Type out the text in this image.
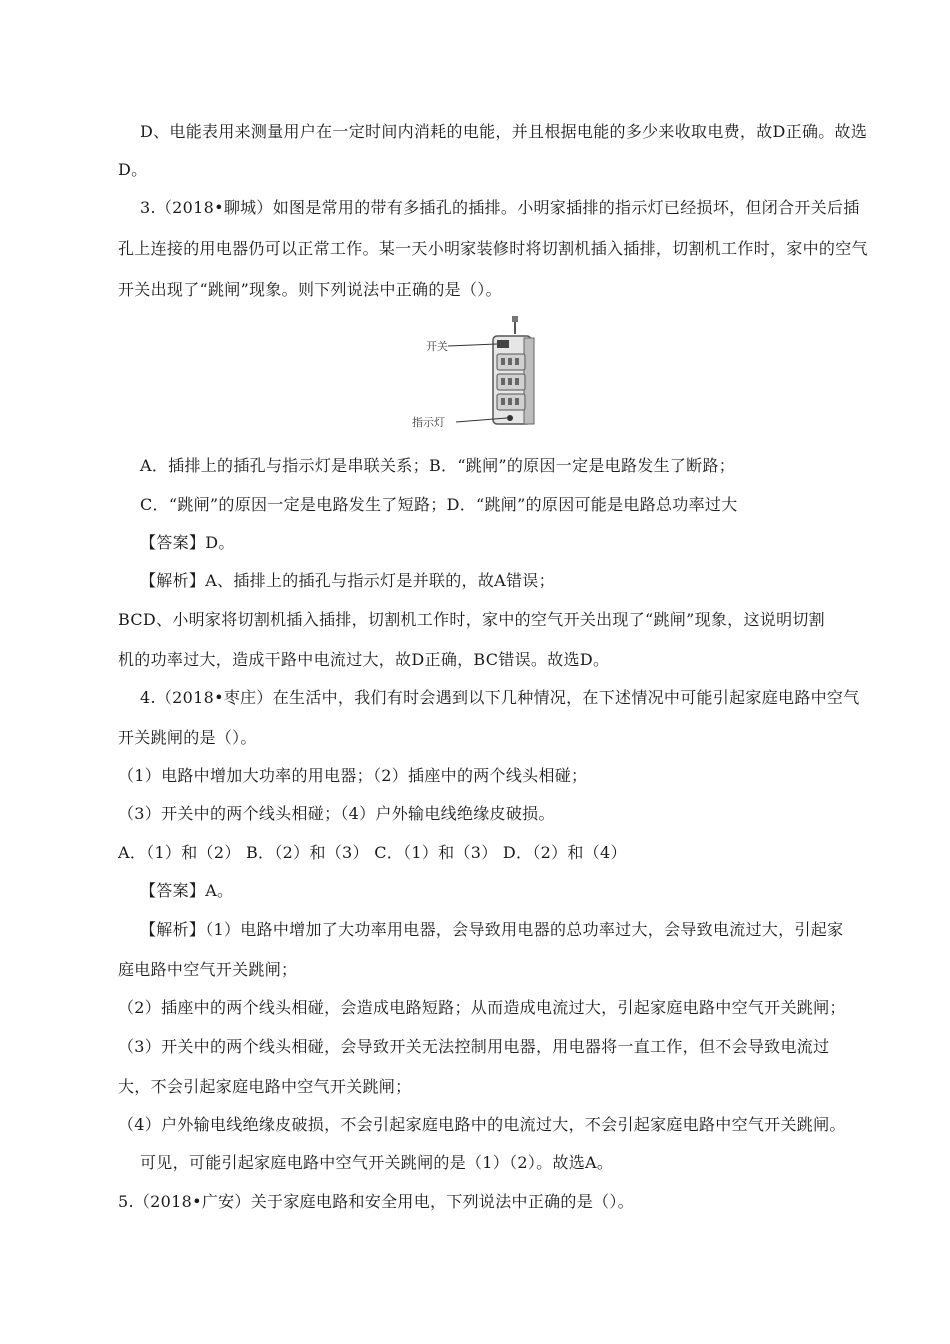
D、电能表用来测量用户在一定时间内消耗的电能，并且根据电能的多少来收取电费，故D正确。故选
D。
3.（2018•聊城）如图是常用的带有多插孔的插排。小明家插排的指示灯已经损坏，但闭合开关后插
孔上连接的用电器仍可以正常工作。某一天小明家装修时将切割机插入插排，切割机工作时，家中的空气
开关出现了“跳闸”现象。则下列说法中正确的是（）。
开关
指示灯
A．插排上的插孔与指示灯是串联关系；B．“跳闸”的原因一定是电路发生了断路；
C．“跳闸”的原因一定是电路发生了短路；D．“跳闸”的原因可能是电路总功率过大
【答案】D。
【解析】A、插排上的插孔与指示灯是并联的，故A错误；
BCD、小明家将切割机插入插排，切割机工作时，家中的空气开关出现了“跳闸”现象，这说明切割
机的功率过大，造成干路中电流过大，故D正确，BC错误。故选D。
4.（2018•枣庄）在生活中，我们有时会遇到以下几种情况，在下述情况中可能引起家庭电路中空气
开关跳闸的是（）。
（1）电路中增加大功率的用电器；（2）插座中的两个线头相碰；
（3）开关中的两个线头相碰；（4）户外输电线绝缘皮破损。
A．（1）和（2） B．（2）和（3） C．（1）和（3） D．（2）和（4）
【答案】A。
【解析】（1）电路中增加了大功率用电器，会导致用电器的总功率过大，会导致电流过大，引起家
庭电路中空气开关跳闸；
（2）插座中的两个线头相碰，会造成电路短路；从而造成电流过大，引起家庭电路中空气开关跳闸；
（3）开关中的两个线头相碰，会导致开关无法控制用电器，用电器将一直工作，但不会导致电流过
大，不会引起家庭电路中空气开关跳闸；
（4）户外输电线绝缘皮破损，不会引起家庭电路中的电流过大，不会引起家庭电路中空气开关跳闸。
可见，可能引起家庭电路中空气开关跳闸的是（1）（2）。故选A。
5.（2018•广安）关于家庭电路和安全用电，下列说法中正确的是（）。
